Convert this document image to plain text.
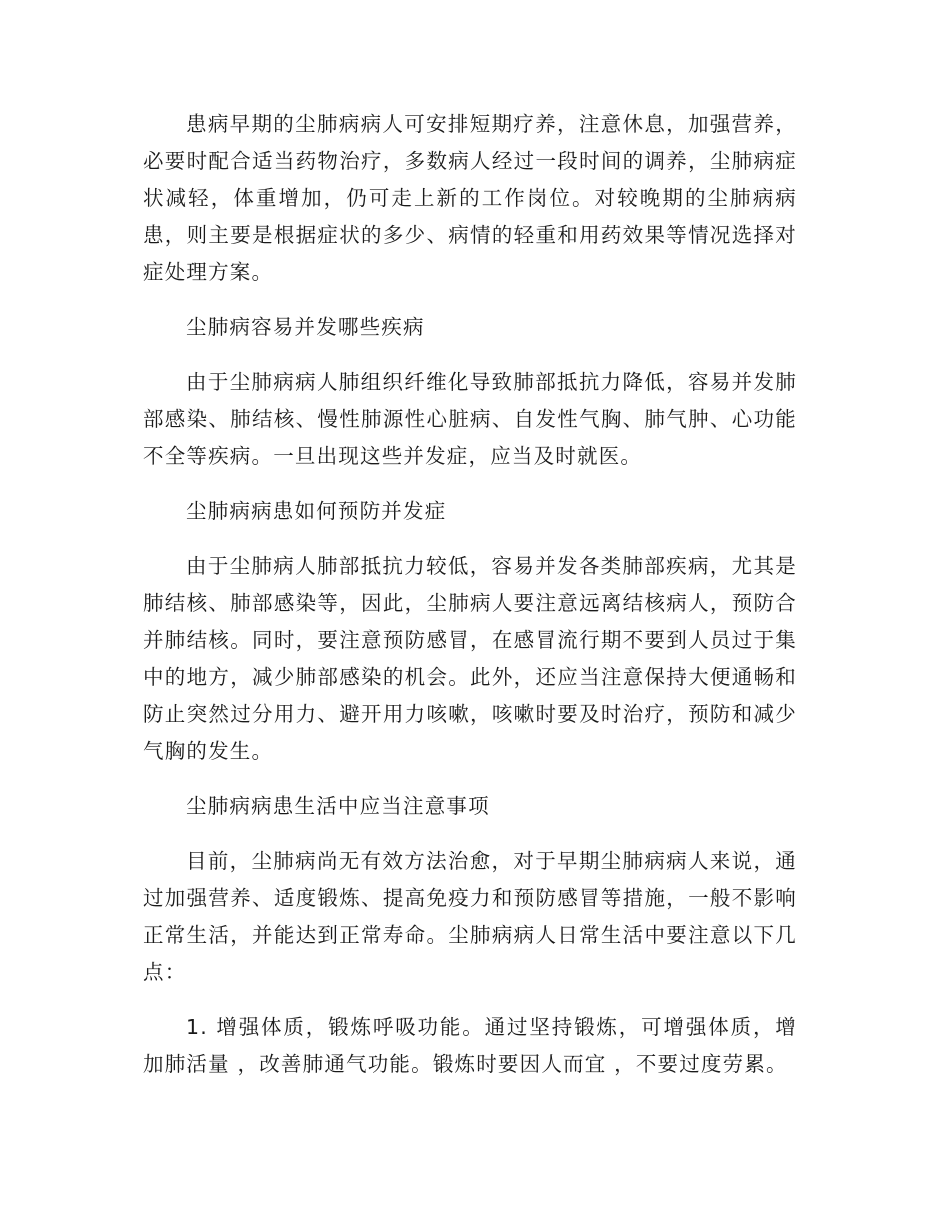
患病早期的尘肺病病人可安排短期疗养，注意休息，加强营养，必要时配合适当药物治疗，多数病人经过一段时间的调养，尘肺病症状减轻，体重增加，仍可走上新的工作岗位。对较晚期的尘肺病病患，则主要是根据症状的多少、病情的轻重和用药效果等情况选择对症处理方案。

尘肺病容易并发哪些疾病

由于尘肺病病人肺组织纤维化导致肺部抵抗力降低，容易并发肺部感染、肺结核、慢性肺源性心脏病、自发性气胸、肺气肿、心功能不全等疾病。一旦出现这些并发症，应当及时就医。

尘肺病病患如何预防并发症

由于尘肺病人肺部抵抗力较低，容易并发各类肺部疾病，尤其是肺结核、肺部感染等，因此，尘肺病人要注意远离结核病人，预防合并肺结核。同时，要注意预防感冒，在感冒流行期不要到人员过于集中的地方，减少肺部感染的机会。此外，还应当注意保持大便通畅和防止突然过分用力、避开用力咳嗽，咳嗽时要及时治疗，预防和减少气胸的发生。

尘肺病病患生活中应当注意事项

目前，尘肺病尚无有效方法治愈，对于早期尘肺病病人来说，通过加强营养、适度锻炼、提高免疫力和预防感冒等措施，一般不影响正常生活，并能达到正常寿命。尘肺病病人日常生活中要注意以下几点：

1. 增强体质，锻炼呼吸功能。通过坚持锻炼，可增强体质，增加肺活量 ，改善肺通气功能。锻炼时要因人而宜 ，不要过度劳累。
